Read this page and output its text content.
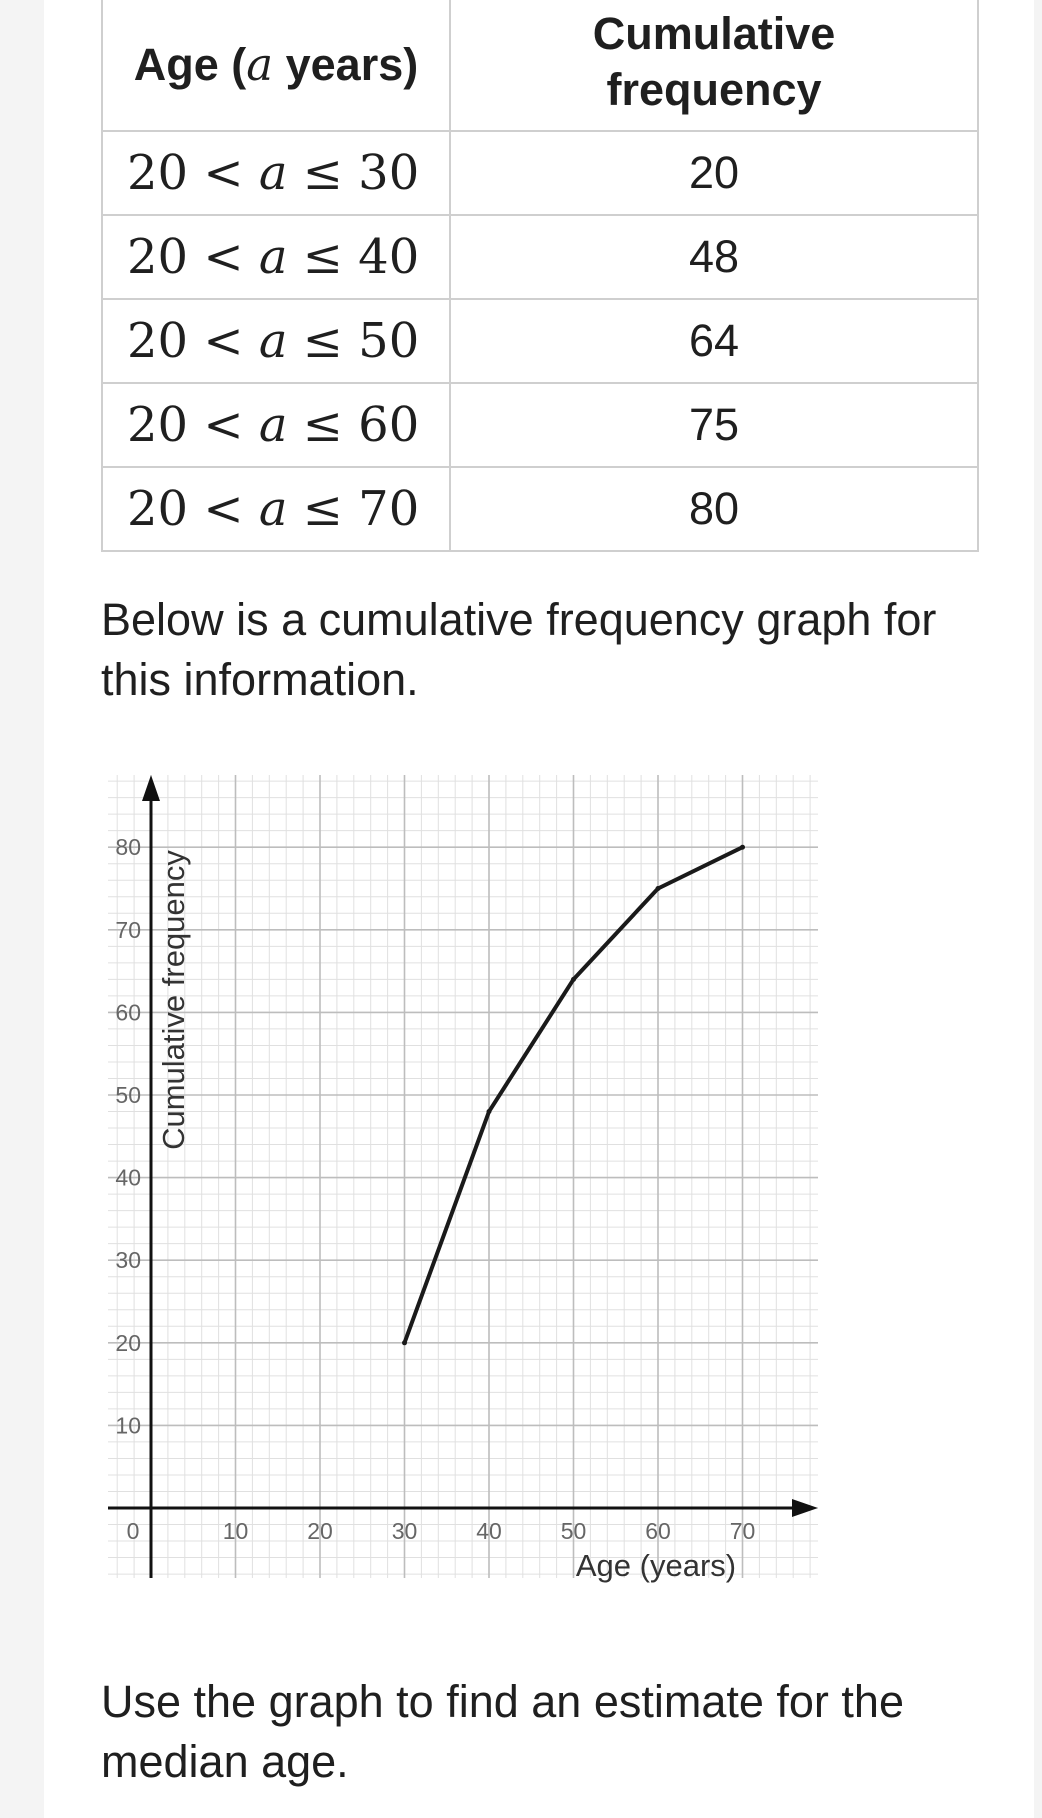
Age (a years)	Cumulative
frequency
20 < a ≤ 30	20
20 < a ≤ 40	48
20 < a ≤ 50	64
20 < a ≤ 60	75
20 < a ≤ 70	80

Below is a cumulative frequency graph for this information.

0	10	20	30	40	50	60	70
10
20
30
40
50
60
70
80
Cumulative frequency
Age (years)

Use the graph to find an estimate for the median age.
